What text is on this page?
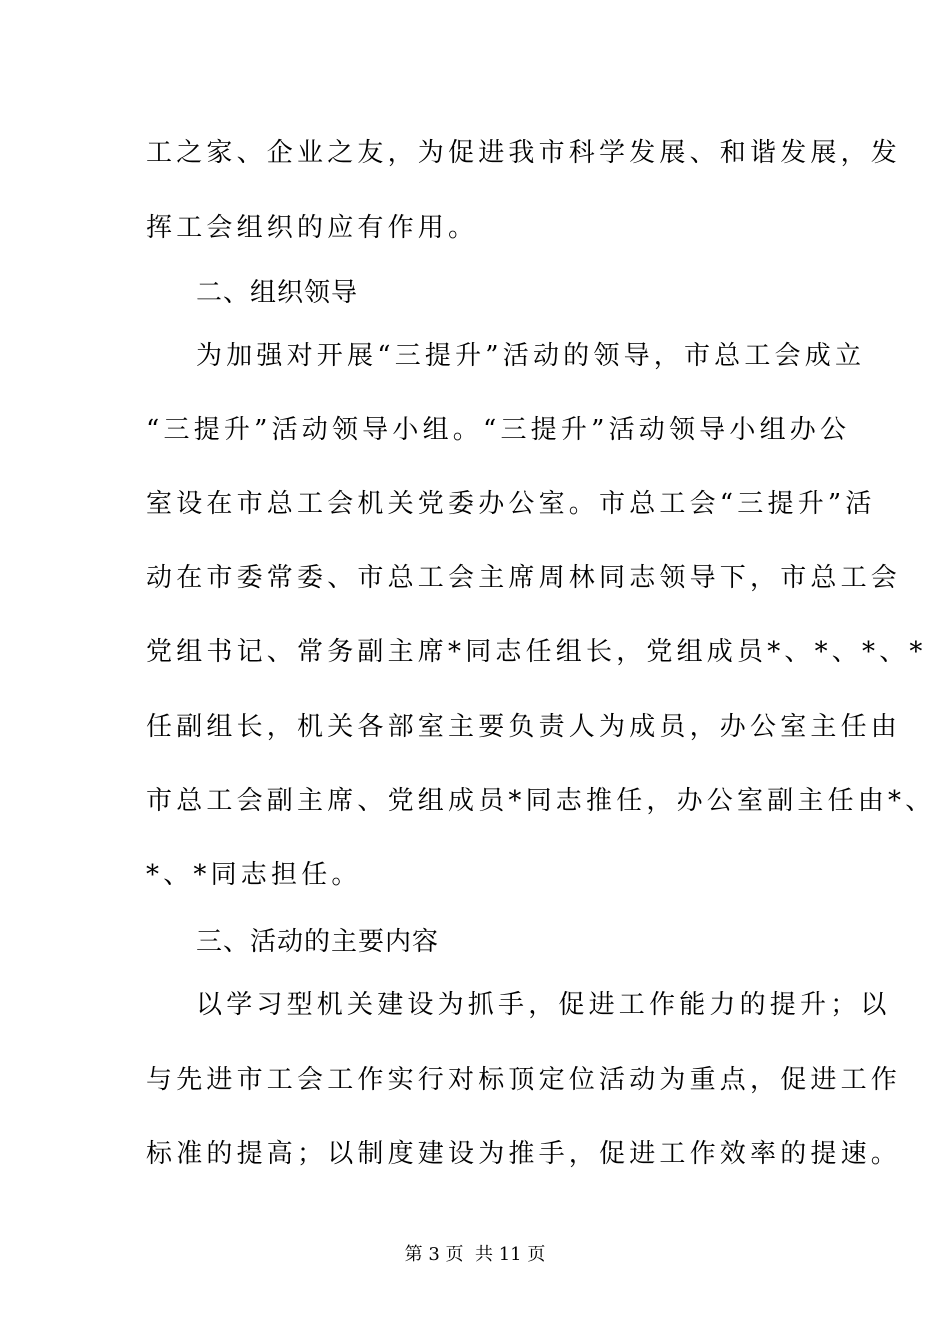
工之家、企业之友，为促进我市科学发展、和谐发展，发
挥工会组织的应有作用。
二、组织领导
为加强对开展“三提升”活动的领导，市总工会成立
“三提升”活动领导小组。“三提升”活动领导小组办公
室设在市总工会机关党委办公室。市总工会“三提升”活
动在市委常委、市总工会主席周林同志领导下，市总工会
党组书记、常务副主席*同志任组长，党组成员*、*、*、*
任副组长，机关各部室主要负责人为成员，办公室主任由
市总工会副主席、党组成员*同志推任，办公室副主任由*、
*、*同志担任。
三、活动的主要内容
以学习型机关建设为抓手，促进工作能力的提升；以
与先进市工会工作实行对标顶定位活动为重点，促进工作
标准的提高；以制度建设为推手，促进工作效率的提速。
第 3 页  共 11 页
